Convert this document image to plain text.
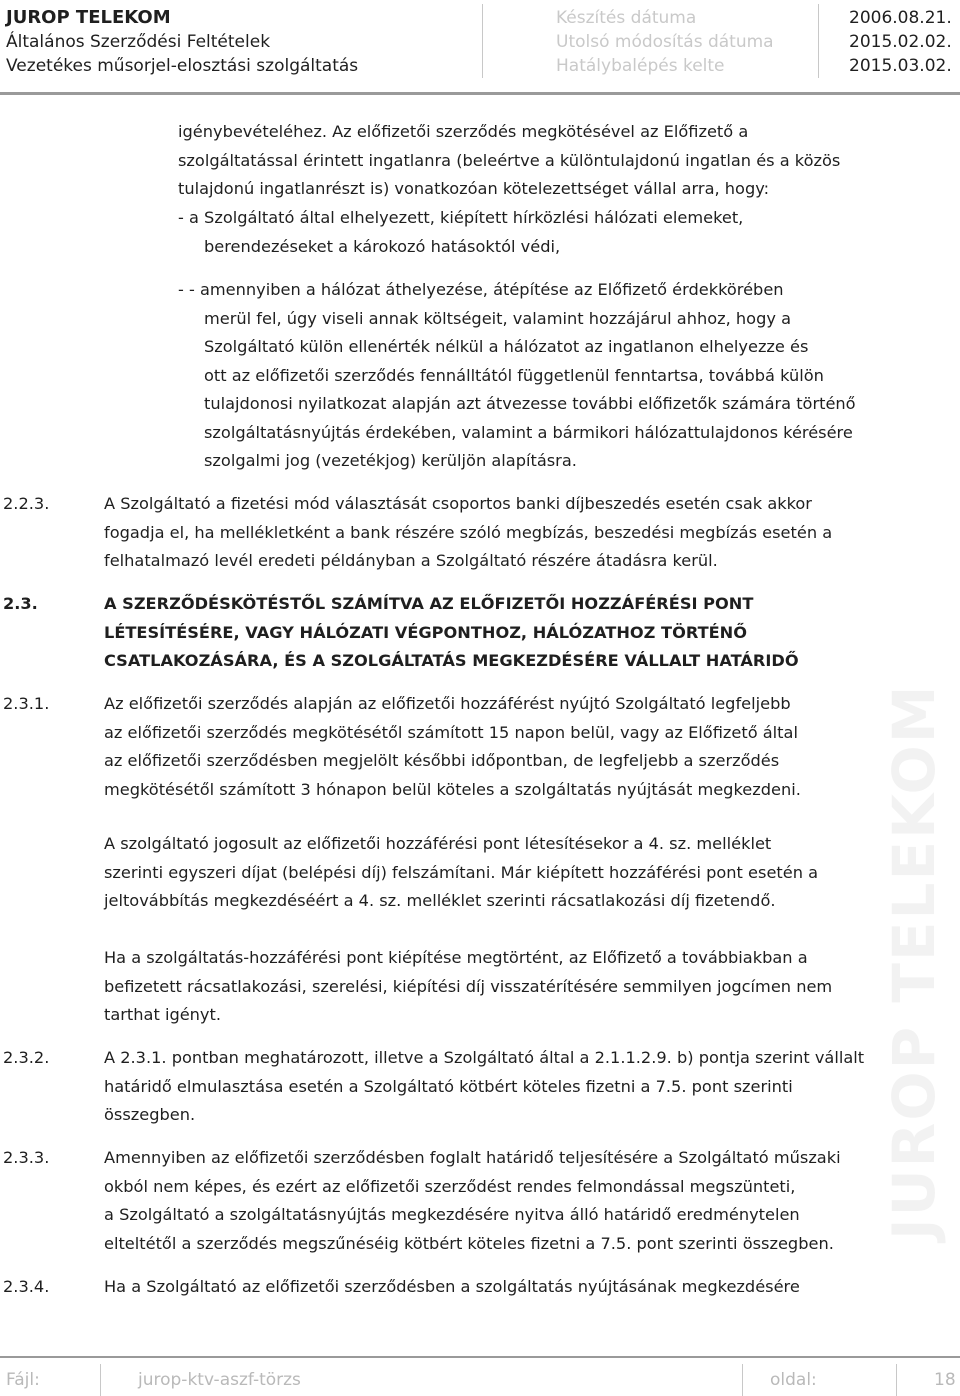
JUROP TELEKOM
Általános Szerződési Feltételek
Vezetékes műsorjel-elosztási szolgáltatás
Készítés dátuma
Utolsó módosítás dátuma
Hatálybalépés kelte
2006.08.21.
2015.02.02.
2015.03.02.
JUROP TELEKOM
igénybevételéhez. Az előfizetői szerződés megkötésével az Előfizető a
szolgáltatással érintett ingatlanra (beleértve a különtulajdonú ingatlan és a közös
tulajdonú ingatlanrészt is) vonatkozóan kötelezettséget vállal arra, hogy:
- a Szolgáltató által elhelyezett, kiépített hírközlési hálózati elemeket,
berendezéseket a károkozó hatásoktól védi,
- - amennyiben a hálózat áthelyezése, átépítése az Előfizető érdekkörében
merül fel, úgy viseli annak költségeit, valamint hozzájárul ahhoz, hogy a
Szolgáltató külön ellenérték nélkül a hálózatot az ingatlanon elhelyezze és
ott az előfizetői szerződés fennálltától függetlenül fenntartsa, továbbá külön
tulajdonosi nyilatkozat alapján azt átvezesse további előfizetők számára történő
szolgáltatásnyújtás érdekében, valamint a bármikori hálózattulajdonos kérésére
szolgalmi jog (vezetékjog) kerüljön alapításra.
2.2.3.	A Szolgáltató a fizetési mód választását csoportos banki díjbeszedés esetén csak akkor
fogadja el, ha mellékletként a bank részére szóló megbízás, beszedési megbízás esetén a
felhatalmazó levél eredeti példányban a Szolgáltató részére átadásra kerül.
2.3.	A SZERZŐDÉSKÖTÉSTŐL SZÁMÍTVA AZ ELŐFIZETŐI HOZZÁFÉRÉSI PONT
LÉTESÍTÉSÉRE, VAGY HÁLÓZATI VÉGPONTHOZ, HÁLÓZATHOZ TÖRTÉNŐ
CSATLAKOZÁSÁRA, ÉS A SZOLGÁLTATÁS MEGKEZDÉSÉRE VÁLLALT HATÁRIDŐ
2.3.1.	Az előfizetői szerződés alapján az előfizetői hozzáférést nyújtó Szolgáltató legfeljebb
az előfizetői szerződés megkötésétől számított 15 napon belül, vagy az Előfizető által
az előfizetői szerződésben megjelölt későbbi időpontban, de legfeljebb a szerződés
megkötésétől számított 3 hónapon belül köteles a szolgáltatás nyújtását megkezdeni.
A szolgáltató jogosult az előfizetői hozzáférési pont létesítésekor a 4. sz. melléklet
szerinti egyszeri díjat (belépési díj) felszámítani. Már kiépített hozzáférési pont esetén a
jeltovábbítás megkezdéséért a 4. sz. melléklet szerinti rácsatlakozási díj fizetendő.
Ha a szolgáltatás-hozzáférési pont kiépítése megtörtént, az Előfizető a továbbiakban a
befizetett rácsatlakozási, szerelési, kiépítési díj visszatérítésére semmilyen jogcímen nem
tarthat igényt.
2.3.2.	A 2.3.1. pontban meghatározott, illetve a Szolgáltató által a 2.1.1.2.9. b) pontja szerint vállalt
határidő elmulasztása esetén a Szolgáltató kötbért köteles fizetni a 7.5. pont szerinti
összegben.
2.3.3.	Amennyiben az előfizetői szerződésben foglalt határidő teljesítésére a Szolgáltató műszaki
okból nem képes, és ezért az előfizetői szerződést rendes felmondással megszünteti,
a Szolgáltató a szolgáltatásnyújtás megkezdésére nyitva álló határidő eredménytelen
elteltétől a szerződés megszűnéséig kötbért köteles fizetni a 7.5. pont szerinti összegben.
2.3.4.	Ha a Szolgáltató az előfizetői szerződésben a szolgáltatás nyújtásának megkezdésére
Fájl:	jurop-ktv-aszf-törzs	oldal:	18
